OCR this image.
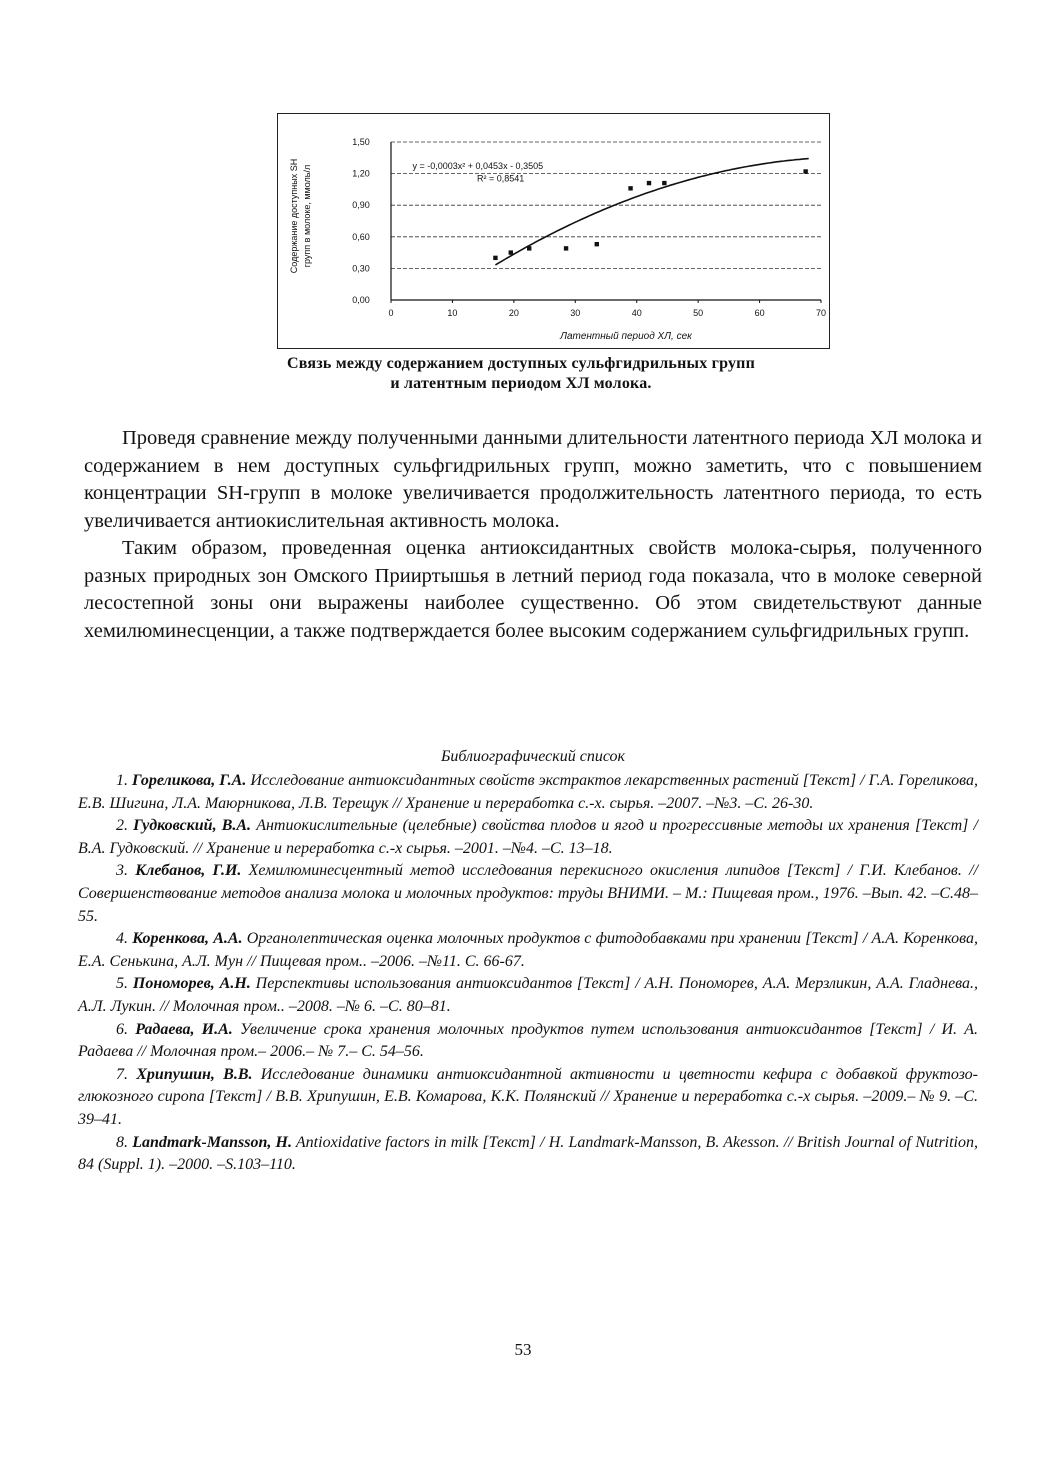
0,00
0,30
0,60
0,90
1,20
1,50
0	10	20	30	40	50	60	70
Латентный период ХЛ, сек
Содержание доступных SH групп в молоке, ммоль/л	y = -0,0003x² + 0,0453x - 0,3505
R² = 0,8541
Связь между содержанием доступных сульфгидрильных групп
и латентным периодом ХЛ молока.

Проведя сравнение между полученными данными длительности латентного периода ХЛ молока и содержанием в нем доступных сульфгидрильных групп, можно заметить, что с повышением концентрации SH-групп в молоке увеличивается продолжительность латентного периода, то есть увеличивается антиокислительная активность молока.

Таким образом, проведенная оценка антиоксидантных свойств молока-сырья, полученного разных природных зон Омского Прииртышья в летний период года показала, что в молоке северной лесостепной зоны они выражены наиболее существенно. Об этом свидетельствуют данные хемилюминесценции, а также подтверждается более высоким содержанием сульфгидрильных групп.

Библиографический список

1. Гореликова, Г.А. Исследование антиоксидантных свойств экстрактов лекарственных растений [Текст] / Г.А. Гореликова, Е.В. Шигина, Л.А. Маюрникова, Л.В. Терещук // Хранение и переработка с.-х. сырья. –2007. –№3. –С. 26-30.

2. Гудковский, В.А. Антиокислительные (целебные) свойства плодов и ягод и прогрессивные методы их хранения [Текст] / В.А. Гудковский. // Хранение и переработка с.-х сырья. –2001. –№4. –С. 13–18.

3. Клебанов, Г.И. Хемилюминесцентный метод исследования перекисного окисления липидов [Текст] / Г.И. Клебанов. // Совершенствование методов анализа молока и молочных продуктов: труды ВНИМИ. – М.: Пищевая пром., 1976. –Вып. 42. –С.48–55.

4. Коренкова, А.А. Органолептическая оценка молочных продуктов с фитодобавками при хранении [Текст] / А.А. Коренкова, Е.А. Сенькина, А.Л. Мун // Пищевая пром.. –2006. –№11. С. 66-67.

5. Пономорев, А.Н. Перспективы использования антиоксидантов [Текст] / А.Н. Пономорев, А.А. Мерзликин, А.А. Гладнева., А.Л. Лукин. // Молочная пром.. –2008. –№ 6. –С. 80–81.

6. Радаева, И.А. Увеличение срока хранения молочных продуктов путем использования антиоксидантов [Текст] / И. А. Радаева // Молочная пром.– 2006.– № 7.– С. 54–56.

7. Хрипушин, В.В. Исследование динамики антиоксидантной активности и цветности кефира с добавкой фруктозо-глюкозного сиропа [Текст] / В.В. Хрипушин, Е.В. Комарова, К.К. Полянский // Хранение и переработка с.-х сырья. –2009.– № 9. –С. 39–41.

8. Landmark-Mansson, H. Antioxidative factors in milk [Текст] / H. Landmark-Mansson, B. Akesson. // British Journal of Nutrition, 84 (Suppl. 1). –2000. –S.103–110.

53
